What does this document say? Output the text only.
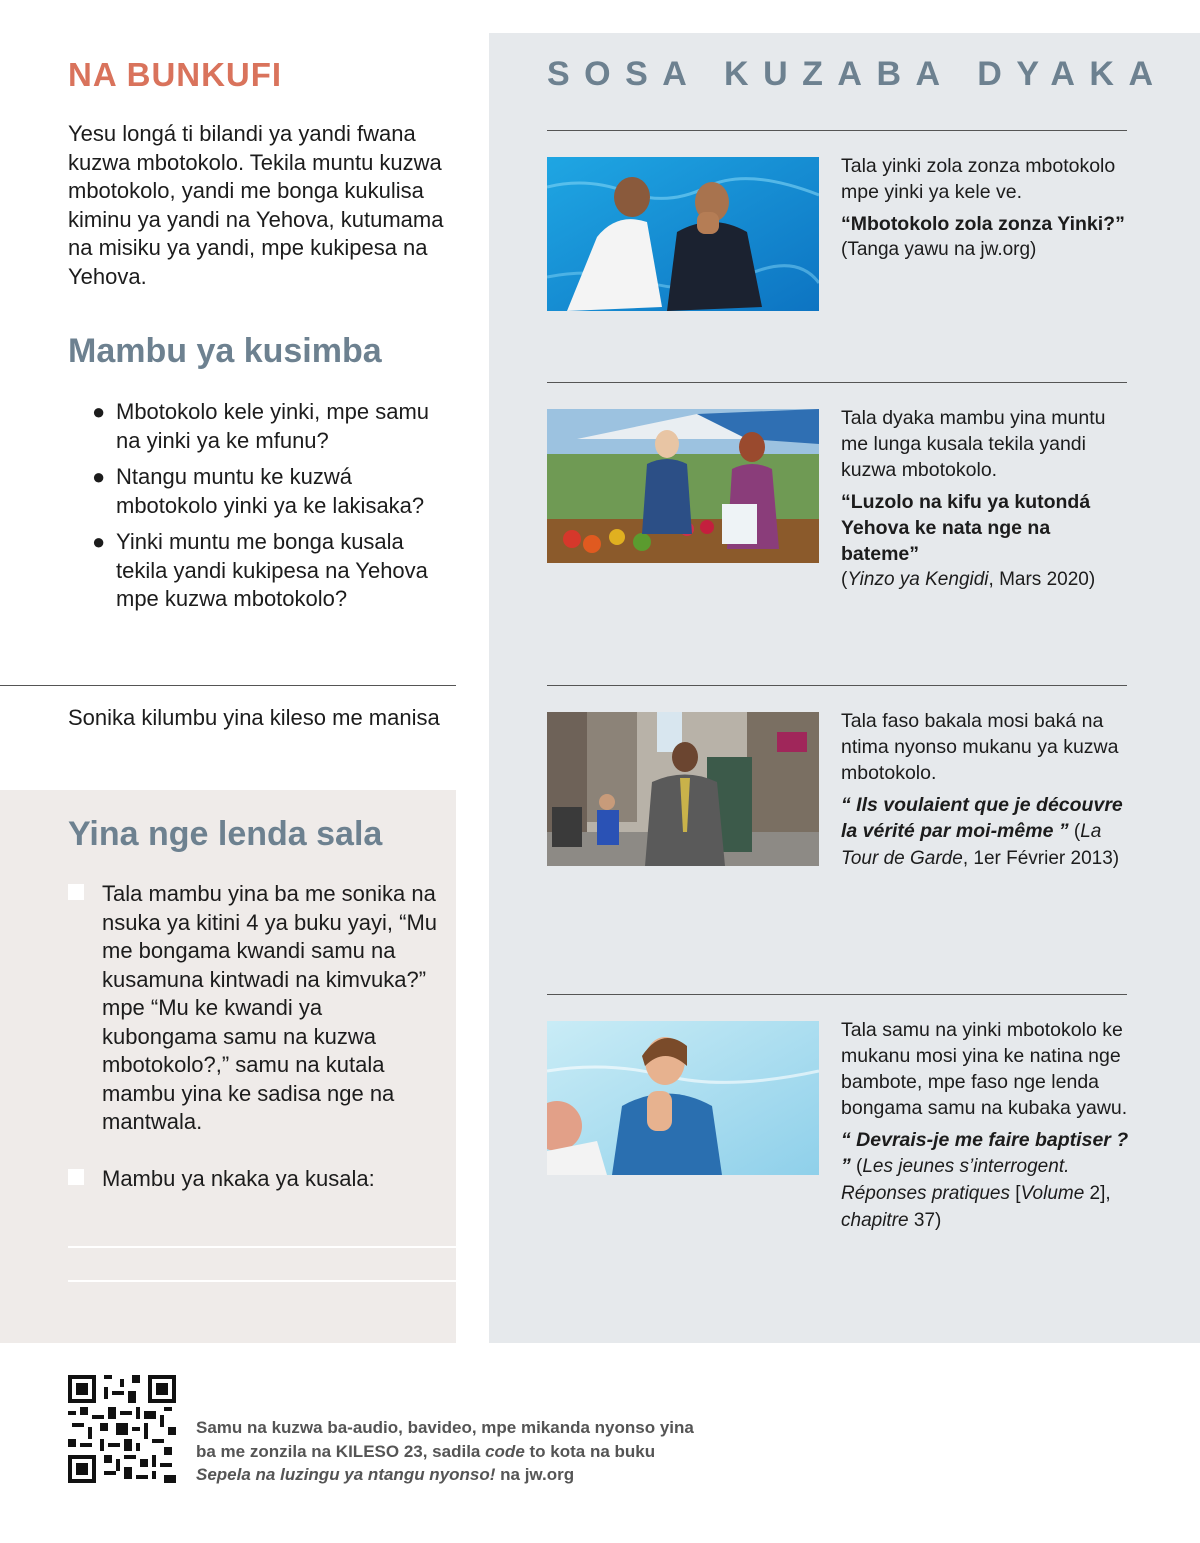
NA BUNKUFI
Yesu longá ti bilandi ya yandi fwana kuzwa mbotokolo. Tekila muntu kuzwa mbotokolo, yandi me bonga kukulisa kiminu ya yandi na Yehova, kutumama na misiku ya yandi, mpe kukipesa na Yehova.
Mambu ya kusimba
● Mbotokolo kele yinki, mpe samu na yinki ya ke mfunu?
● Ntangu muntu ke kuzwá mbotokolo yinki ya ke lakisaka?
● Yinki muntu me bonga kusala tekila yandi kukipesa na Yehova mpe kuzwa mbotokolo?
Sonika kilumbu yina kileso me manisa
Yina nge lenda sala
Tala mambu yina ba me sonika na nsuka ya kitini 4 ya buku yayi, “Mu me bongama kwandi samu na kusamuna kintwadi na kimvuka?” mpe “Mu ke kwandi ya kubongama samu na kuzwa mbotokolo?,” samu na kutala mambu yina ke sadisa nge na mantwala.
Mambu ya nkaka ya kusala:
SOSA KUZABA DYAKA
Tala yinki zola zonza mbotokolo mpe yinki ya kele ve.
“Mbotokolo zola zonza Yinki?”
(Tanga yawu na jw.org)
Tala dyaka mambu yina muntu me lunga kusala tekila yandi kuzwa mbotokolo.
“Luzolo na kifu ya kutondá Yehova ke nata nge na bateme”
(Yinzo ya Kengidi, Mars 2020)
Tala faso bakala mosi baká na ntima nyonso mukanu ya kuzwa mbotokolo.
“ Ils voulaient que je découvre la vérité par moi-même ” (La Tour de Garde, 1er Février 2013)
Tala samu na yinki mbotokolo ke mukanu mosi yina ke natina nge bambote, mpe faso nge lenda bongama samu na kubaka yawu.
“ Devrais-je me faire baptiser ? ” (Les jeunes s’interrogent. Réponses pratiques [Volume 2], chapitre 37)
Samu na kuzwa ba-audio, bavideo, mpe mikanda nyonso yina ba me zonzila na KILESO 23, sadila code to kota na buku Sepela na luzingu ya ntangu nyonso! na jw.org
